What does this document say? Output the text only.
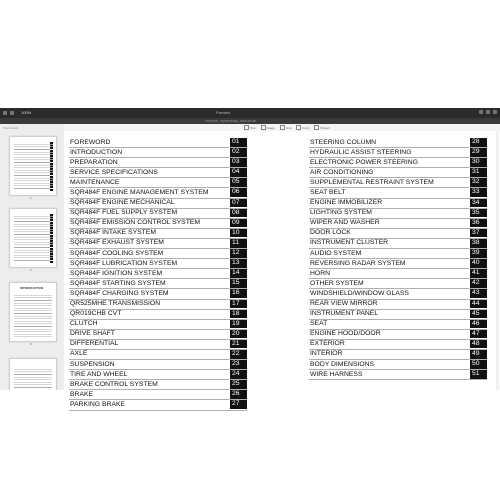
100%	Preview
SQR484F_SQR525MHE_QR019CHB
Thumbnails
1
2
INTRODUCTION
3
Text	Image	Link	Form	Protect
FOREWORD	01
INTRODUCTION	02
PREPARATION	03
SERVICE SPECIFICATIONS	04
MAINTENANCE	05
SQR484F ENGINE MANAGEMENT SYSTEM	06
SQR484F ENGINE MECHANICAL	07
SQR484F FUEL SUPPLY SYSTEM	08
SQR484F EMISSION CONTROL SYSTEM	09
SQR484F INTAKE SYSTEM	10
SQR484F EXHAUST SYSTEM	11
SQR484F COOLING SYSTEM	12
SQR484F LUBRICATION SYSTEM	13
SQR484F IGNITION SYSTEM	14
SQR484F STARTING SYSTEM	15
SQR484F CHARGING SYSTEM	16
QR525MHE TRANSMISSION	17
QR019CHB CVT	18
CLUTCH	19
DRIVE SHAFT	20
DIFFERENTIAL	21
AXLE	22
SUSPENSION	23
TIRE AND WHEEL	24
BRAKE CONTROL SYSTEM	25
BRAKE	26
PARKING BRAKE	27
STEERING COLUMN	28
HYDRAULIC ASSIST STEERING	29
ELECTRONIC POWER STEERING	30
AIR CONDITIONING	31
SUPPLEMENTAL RESTRAINT SYSTEM	32
SEAT BELT	33
ENGINE IMMOBILIZER	34
LIGHTING SYSTEM	35
WIPER AND WASHER	36
DOOR LOCK	37
INSTRUMENT CLUSTER	38
AUDIO SYSTEM	39
REVERSING RADAR SYSTEM	40
HORN	41
OTHER SYSTEM	42
WINDSHIELD/WINDOW GLASS	43
REAR VIEW MIRROR	44
INSTRUMENT PANEL	45
SEAT	46
ENGINE HOOD/DOOR	47
EXTERIOR	48
INTERIOR	49
BODY DIMENSIONS	50
WIRE HARNESS	51
